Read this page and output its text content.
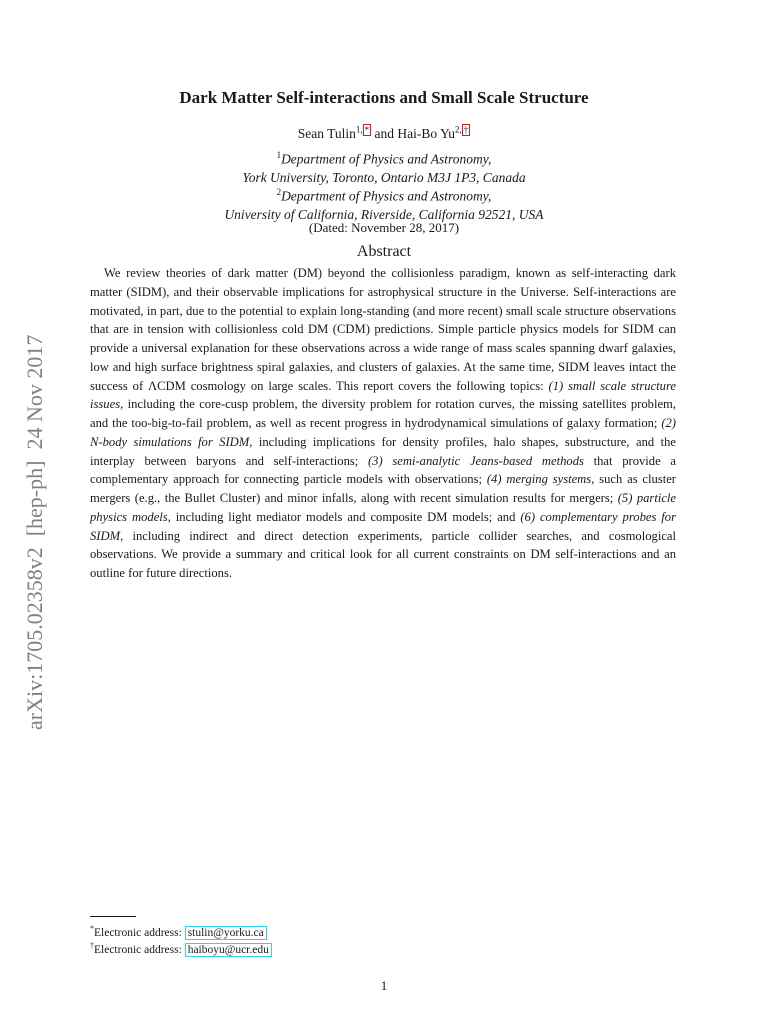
arXiv:1705.02358v2  [hep-ph]  24 Nov 2017
Dark Matter Self-interactions and Small Scale Structure
Sean Tulin$^{1,}$ * and Hai-Bo $Yu^{2,}$ †
$^1$Department of Physics and Astronomy,
York University, Toronto, Ontario M3J 1P3, Canada
$^2$Department of Physics and Astronomy,
University of California, Riverside, California 92521, USA
(Dated: November 28, 2017)
Abstract

We review theories of dark matter (DM) beyond the collisionless paradigm, known as self-interacting dark matter (SIDM), and their observable implications for astrophysical structure in the Universe. Self-interactions are motivated, in part, due to the potential to explain long-standing (and more recent) small scale structure observations that are in tension with collisionless cold DM (CDM) predictions. Simple particle physics models for SIDM can provide a universal explanation for these observations across a wide range of mass scales spanning dwarf galaxies, low and high surface brightness spiral galaxies, and clusters of galaxies. At the same time, SIDM leaves intact the success of ΛCDM cosmology on large scales. This report covers the following topics: (1) small scale structure issues, including the core-cusp problem, the diversity problem for rotation curves, the missing satellites problem, and the too-big-to-fail problem, as well as recent progress in hydrodynamical simulations of galaxy formation; (2) N-body simulations for SIDM, including implications for density profiles, halo shapes, substructure, and the interplay between baryons and self-interactions; (3) semi-analytic Jeans-based methods that provide a complementary approach for connecting particle models with observations; (4) merging systems, such as cluster mergers (e.g., the Bullet Cluster) and minor infalls, along with recent simulation results for mergers; (5) particle physics models, including light mediator models and composite DM models; and (6) complementary probes for SIDM, including indirect and direct detection experiments, particle collider searches, and cosmological observations. We provide a summary and critical look for all current constraints on DM self-interactions and an outline for future directions.

*Electronic address: stulin@yorku.ca
†Electronic address: haiboyu@ucr.edu
1
